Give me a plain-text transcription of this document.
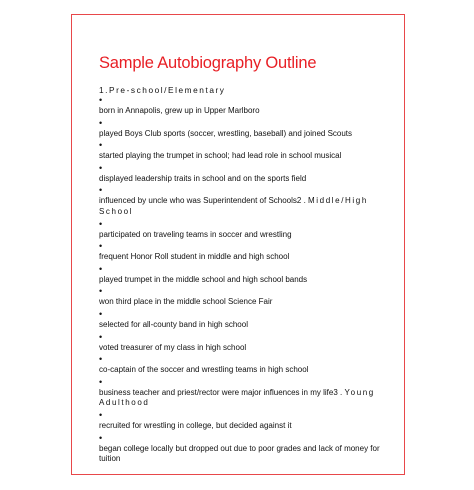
Sample Autobiography Outline
1.Pre-school/Elementary
•
born in Annapolis, grew up in Upper Marlboro
•
played Boys Club sports (soccer, wrestling, baseball) and joined Scouts
•
started playing the trumpet in school; had lead role in school musical
•
displayed leadership traits in school and on the sports field
•
influenced by uncle who was Superintendent of Schools2 . Middle/High School
•
participated on traveling teams in soccer and wrestling
•
frequent Honor Roll student in middle and high school
•
played trumpet in the middle school and high school bands
•
won third place in the middle school Science Fair
•
selected for all-county band in high school
•
voted treasurer of my class in high school
•
co-captain of the soccer and wrestling teams in high school
•
business teacher and priest/rector were major influences in my life3 . Young Adulthood
•
recruited for wrestling in college, but decided against it
•
began college locally but dropped out due to poor grades and lack of money for tuition
